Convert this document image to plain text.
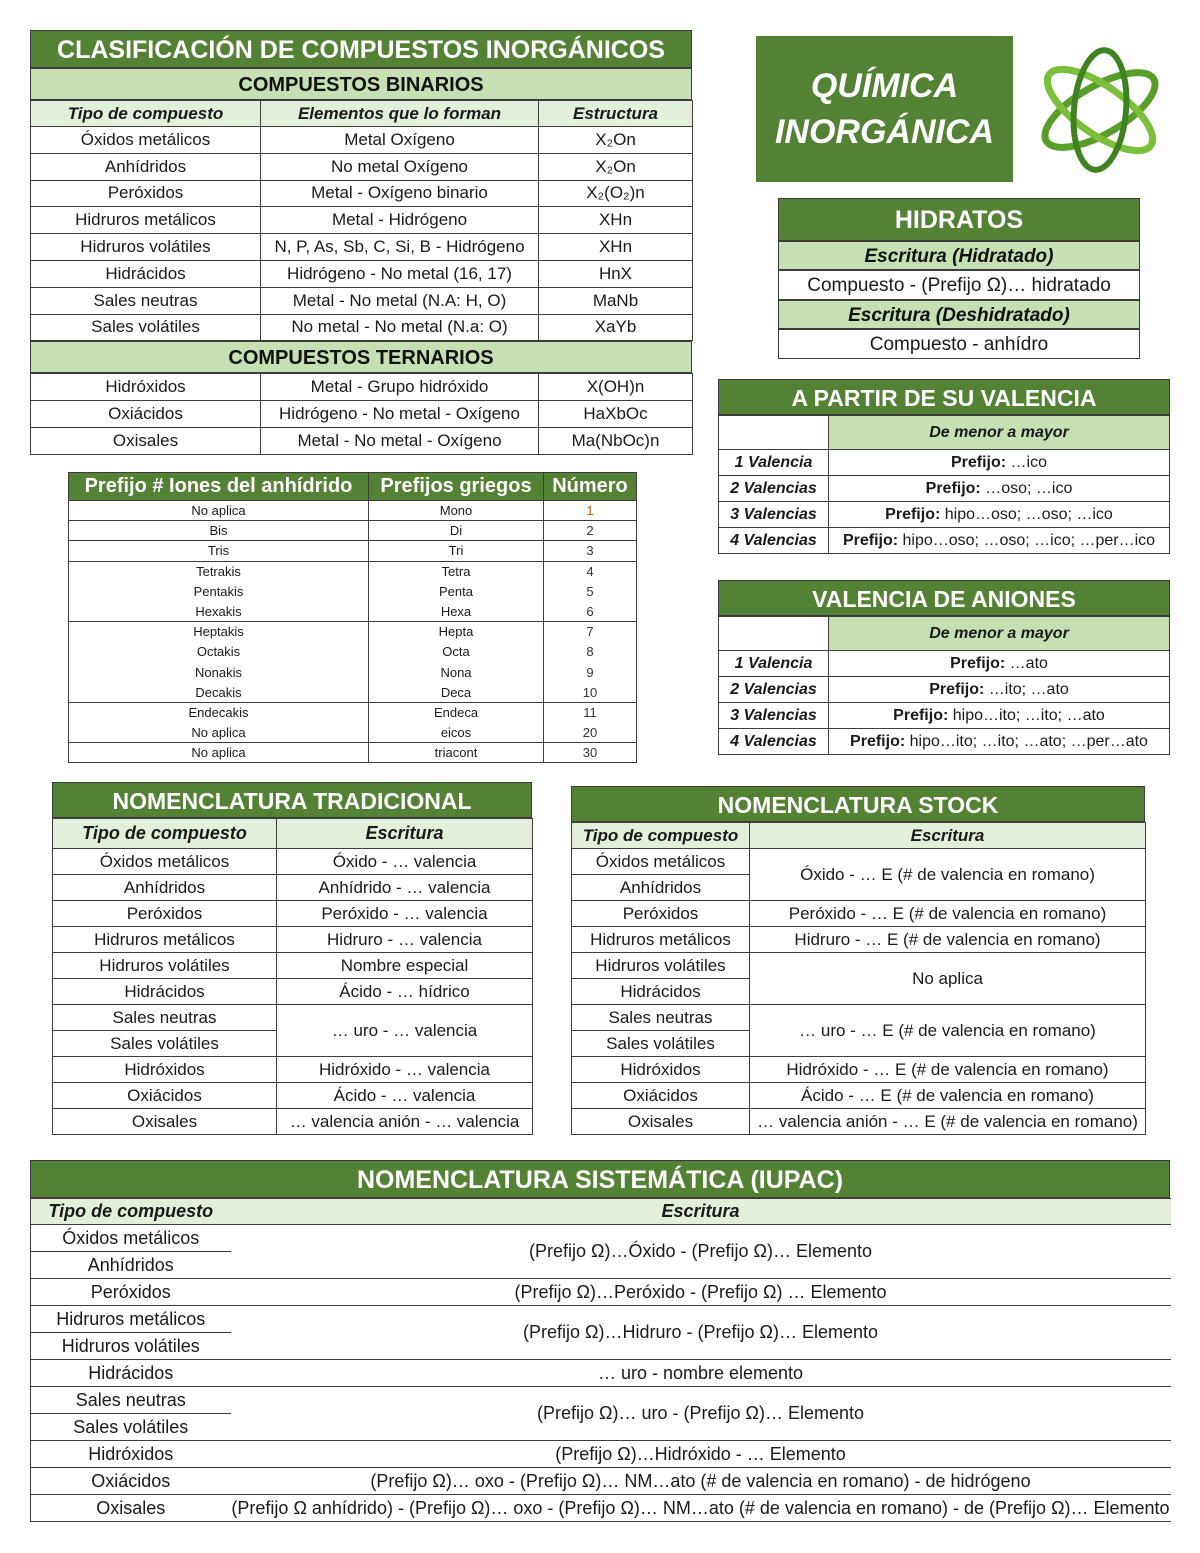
CLASIFICACIÓN DE COMPUESTOS INORGÁNICOS
COMPUESTOS BINARIOS
Tipo de compuesto	Elementos que lo forman	Estructura
Óxidos metálicos	Metal Oxígeno	X₂On
Anhídridos	No metal Oxígeno	X₂On
Peróxidos	Metal - Oxígeno binario	X₂(O₂)n
Hidruros metálicos	Metal - Hidrógeno	XHn
Hidruros volátiles	N, P, As, Sb, C, Si, B - Hidrógeno	XHn
Hidrácidos	Hidrógeno - No metal (16, 17)	HnX
Sales neutras	Metal - No metal (N.A: H, O)	MaNb
Sales volátiles	No metal - No metal (N.a: O)	XaYb
COMPUESTOS TERNARIOS
Hidróxidos	Metal - Grupo hidróxido	X(OH)n
Oxiácidos	Hidrógeno - No metal - Oxígeno	HaXbOc
Oxisales	Metal - No metal - Oxígeno	Ma(NbOc)n
QUÍMICA
INORGÁNICA
HIDRATOS
Escritura (Hidratado)
Compuesto - (Prefijo Ω)… hidratado
Escritura (Deshidratado)
Compuesto - anhídro
A PARTIR DE SU VALENCIA
	De menor a mayor
1 Valencia	Prefijo: …ico
2 Valencias	Prefijo: …oso; …ico
3 Valencias	Prefijo: hipo…oso; …oso; …ico
4 Valencias	Prefijo: hipo…oso; …oso; …ico; …per…ico
VALENCIA DE ANIONES
	De menor a mayor
1 Valencia	Prefijo: …ato
2 Valencias	Prefijo: …ito; …ato
3 Valencias	Prefijo: hipo…ito; …ito; …ato
4 Valencias	Prefijo: hipo…ito; …ito; …ato; …per…ato
Prefijo # Iones del anhídrido	Prefijos griegos	Número
No aplica	Mono	1
Bis	Di	2
Tris	Tri	3
Tetrakis	Tetra	4
Pentakis	Penta	5
Hexakis	Hexa	6
Heptakis	Hepta	7
Octakis	Octa	8
Nonakis	Nona	9
Decakis	Deca	10
Endecakis	Endeca	11
No aplica	eicos	20
No aplica	triacont	30
NOMENCLATURA TRADICIONAL
Tipo de compuesto	Escritura
Óxidos metálicos	Óxido - … valencia
Anhídridos	Anhídrido - … valencia
Peróxidos	Peróxido - … valencia
Hidruros metálicos	Hidruro - … valencia
Hidruros volátiles	Nombre especial
Hidrácidos	Ácido - … hídrico
Sales neutras	… uro - … valencia
Sales volátiles	
Hidróxidos	Hidróxido - … valencia
Oxiácidos	Ácido - … valencia
Oxisales	… valencia anión - … valencia
NOMENCLATURA STOCK
Tipo de compuesto	Escritura
Óxidos metálicos	Óxido - … E (# de valencia en romano)
Anhídridos	
Peróxidos	Peróxido - … E (# de valencia en romano)
Hidruros metálicos	Hidruro - … E (# de valencia en romano)
Hidruros volátiles	No aplica
Hidrácidos	
Sales neutras	… uro - … E (# de valencia en romano)
Sales volátiles	
Hidróxidos	Hidróxido - … E (# de valencia en romano)
Oxiácidos	Ácido - … E (# de valencia en romano)
Oxisales	… valencia anión - … E (# de valencia en romano)
NOMENCLATURA SISTEMÁTICA (IUPAC)
Tipo de compuesto	Escritura
Óxidos metálicos	(Prefijo Ω)…Óxido - (Prefijo Ω)… Elemento
Anhídridos	
Peróxidos	(Prefijo Ω)…Peróxido - (Prefijo Ω) … Elemento
Hidruros metálicos	(Prefijo Ω)…Hidruro - (Prefijo Ω)… Elemento
Hidruros volátiles	
Hidrácidos	… uro - nombre elemento
Sales neutras	(Prefijo Ω)… uro - (Prefijo Ω)… Elemento
Sales volátiles	
Hidróxidos	(Prefijo Ω)…Hidróxido - … Elemento
Oxiácidos	(Prefijo Ω)… oxo - (Prefijo Ω)… NM…ato (# de valencia en romano) - de hidrógeno
Oxisales	(Prefijo Ω anhídrido) - (Prefijo Ω)… oxo - (Prefijo Ω)… NM…ato (# de valencia en romano) - de (Prefijo Ω)… Elemento
